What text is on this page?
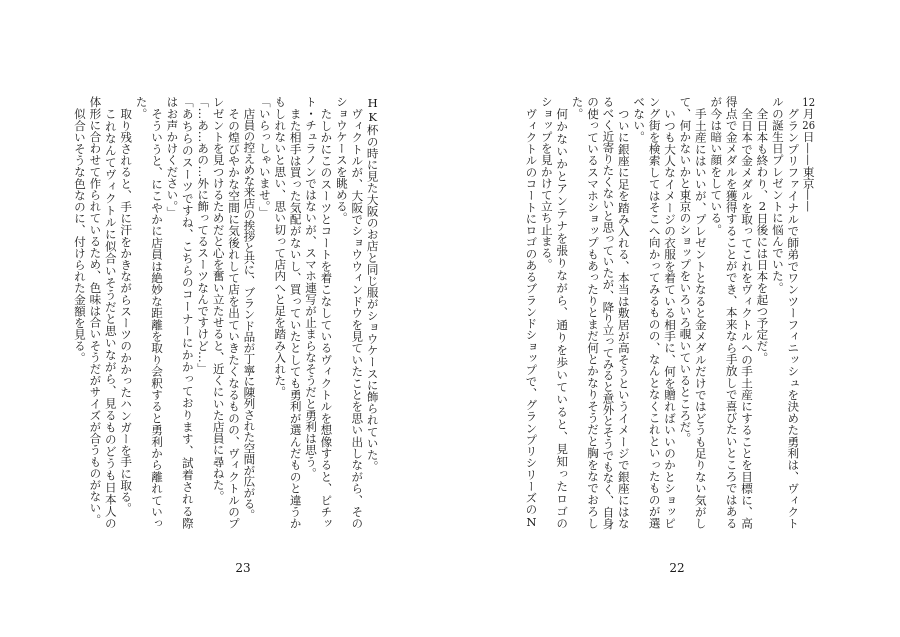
HK杯の時に見た大阪のお店と同じ服がショウケースに飾られていた。
ヴィクトルが、大阪でショウウィンドウを見ていたことを思い出しながら、その
ショウケースを眺める。
たしかにこのスーツとコートを着こなしているヴィクトルを想像すると、ピチッ
ト・チュラノンではないが、スマホ連写が止まらなそうだと勇利は思う。
また相手は買った気配がないし、買っていたとしても勇利が選んだものと違うか
もしれないと思い、思い切って店内へと足を踏み入れた。
「いらっしゃいませ。」
店員の控えめな来店の挨拶と共に、ブランド品が丁寧に陳列された空間が広がる。
その煌びやかな空間に気後れして店を出ていきたくなるものの、ヴィクトルのプ
レゼントを見つけるためだと心を奮い立たせると、近くにいた店員に尋ねた。
「…あ…あの…外に飾ってるスーツなんですけど…」
「あちらのスーツですね、こちらのコーナーにかかっております、試着される際
はお声かけください。」
そういうと、にこやかに店員は絶妙な距離を取り会釈すると勇利から離れていっ
た。
取り残されると、手に汗をかきながらスーツのかかったハンガーを手に取る。
これなんてヴィクトルに似合いそうだと思いながら、見るものどうも日本人の
体形に合わせて作られているため、色味は合いそうだがサイズが合うものがない。
似合いそうな色なのに、付けられた金額を見る。
23
12月26日——東京——
グランプリファイナルで師弟でワンツーフィニッシュを決めた勇利は、ヴィクト
ルの誕生日プレゼントに悩んでいた。
全日本も終わり、2日後には日本を起つ予定だ。
全日本で金メダルを取ってこれをヴィクトルへの手土産にすることを目標に、高
得点で金メダルを獲得することができ、本来なら手放しで喜びたいところではある
が今は暗い顔をしている。
手土産にはいいが、プレゼントとなると金メダルだけではどうも足りない気がし
て、何かないかと東京のショップをいろいろ覗いているところだ。
いつも大人なイメージの衣服を着ている相手に、何を贈ればいいのかとショッピ
ング街を検索してはそこへ向かってみるものの、なんとなくこれといったものが選
べない。
ついに銀座に足を踏み入れる、本当は敷居が高そうというイメージで銀座にはな
るべく近寄りたくないと思っていたが、降り立ってみると意外とそうでもなく、自身
の使っているスマホショップもあったりとまだ何とかなりそうだと胸をなでおろし
た。
何かないかとアンテナを張りながら、通りを歩いていると、見知ったロゴの
ショップを見かけて立ち止まる。
ヴィクトルのコートにロゴのあるブランドショップで、グランプリシリーズのN
22
